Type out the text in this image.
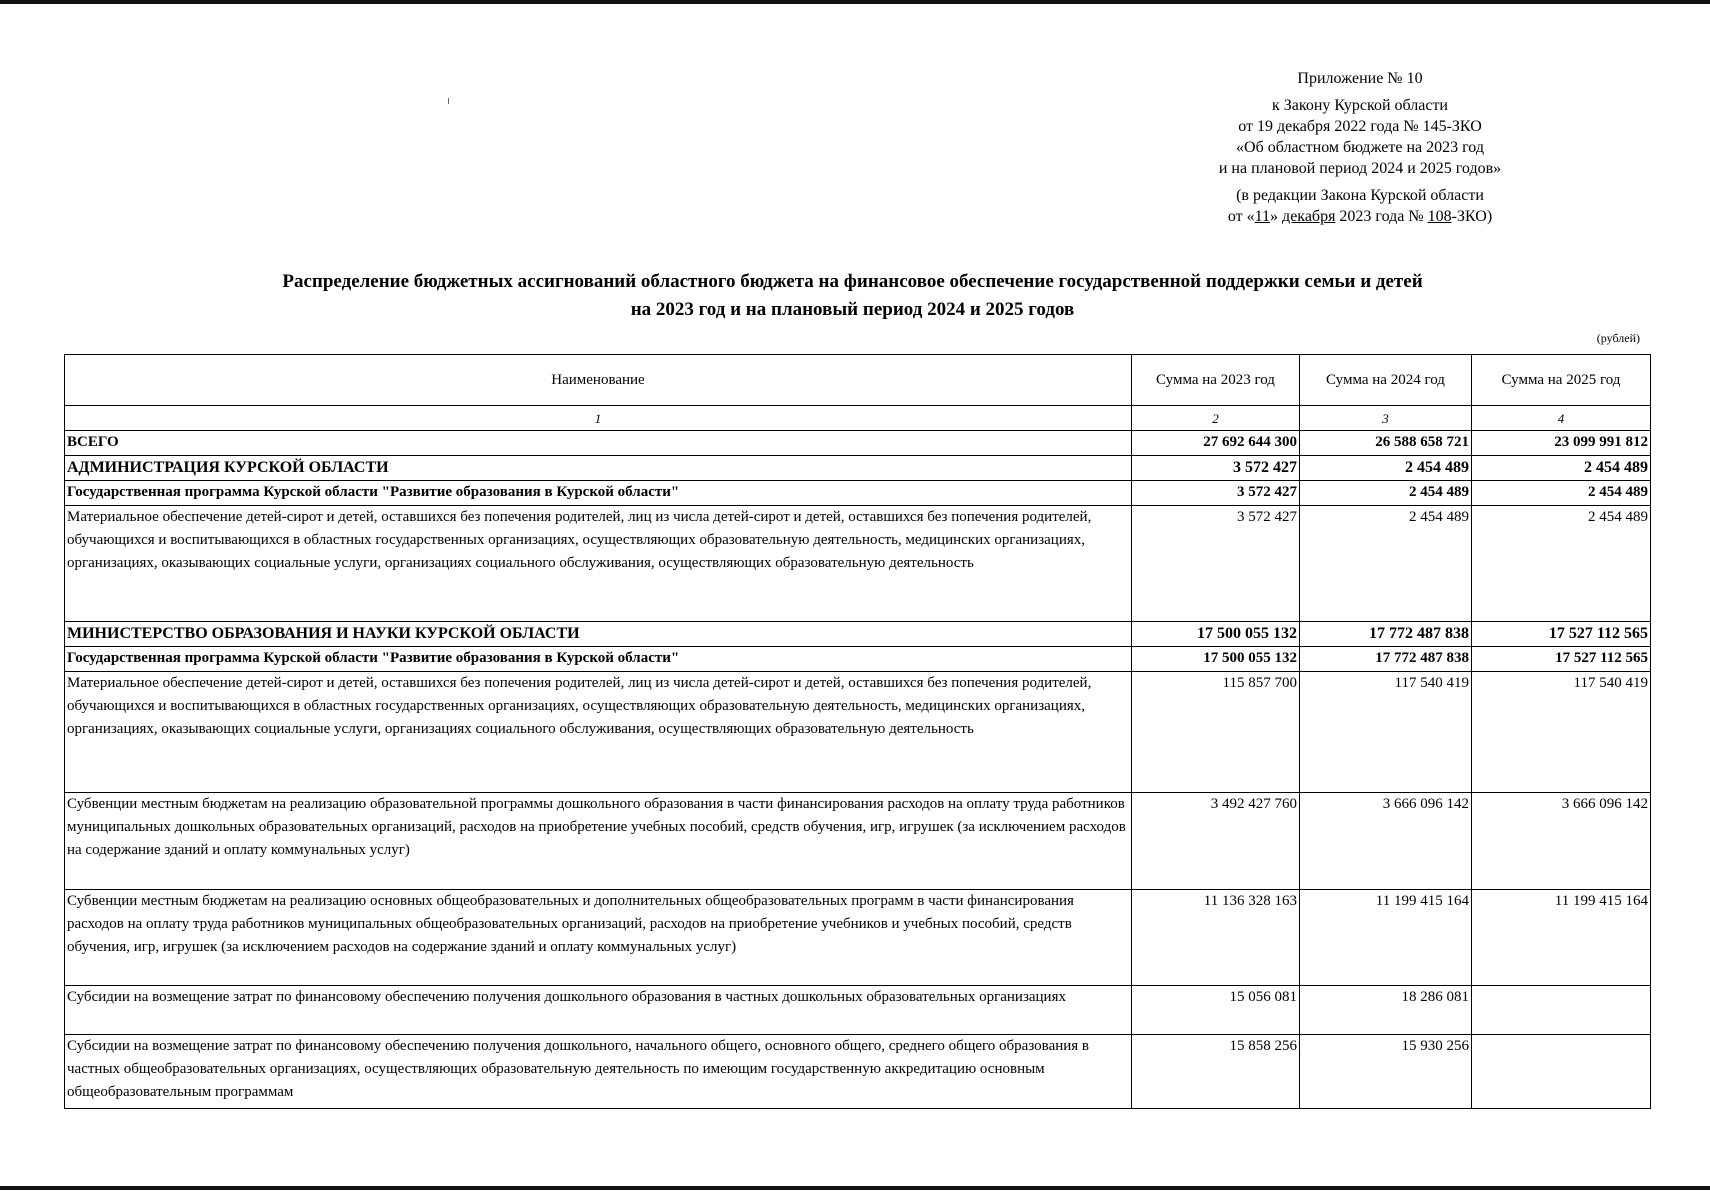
Приложение № 10
к Закону Курской области
от 19 декабря 2022 года № 145-ЗКО
«Об областном бюджете на 2023 год
и на плановой период 2024 и 2025 годов»
(в редакции Закона Курской области
от «11» декабря 2023 года № 108-ЗКО)
Распределение бюджетных ассигнований областного бюджета на финансовое обеспечение государственной поддержки семьи и детей
на 2023 год и на плановый период 2024 и 2025 годов
(рублей)
Наименование	Сумма на 2023 год	Сумма на 2024 год	Сумма на 2025 год
1	2	3	4
ВСЕГО	27 692 644 300	26 588 658 721	23 099 991 812
АДМИНИСТРАЦИЯ КУРСКОЙ ОБЛАСТИ	3 572 427	2 454 489	2 454 489
Государственная программа Курской области "Развитие образования в Курской области"	3 572 427	2 454 489	2 454 489
Материальное обеспечение детей-сирот и детей, оставшихся без попечения родителей, лиц из числа детей-сирот и детей, оставшихся без попечения родителей, обучающихся и воспитывающихся в областных государственных организациях, осуществляющих образовательную деятельность, медицинских организациях, организациях, оказывающих социальные услуги, организациях социального обслуживания, осуществляющих образовательную деятельность	3 572 427	2 454 489	2 454 489
МИНИСТЕРСТВО ОБРАЗОВАНИЯ И НАУКИ КУРСКОЙ ОБЛАСТИ	17 500 055 132	17 772 487 838	17 527 112 565
Государственная программа Курской области "Развитие образования в Курской области"	17 500 055 132	17 772 487 838	17 527 112 565
Материальное обеспечение детей-сирот и детей, оставшихся без попечения родителей, лиц из числа детей-сирот и детей, оставшихся без попечения родителей, обучающихся и воспитывающихся в областных государственных организациях, осуществляющих образовательную деятельность, медицинских организациях, организациях, оказывающих социальные услуги, организациях социального обслуживания, осуществляющих образовательную деятельность	115 857 700	117 540 419	117 540 419
Субвенции местным бюджетам на реализацию образовательной программы дошкольного образования в части финансирования расходов на оплату труда работников муниципальных дошкольных образовательных организаций, расходов на приобретение учебных пособий, средств обучения, игр, игрушек (за исключением расходов на содержание зданий и оплату коммунальных услуг)	3 492 427 760	3 666 096 142	3 666 096 142
Субвенции местным бюджетам на реализацию основных общеобразовательных и дополнительных общеобразовательных программ в части финансирования расходов на оплату труда работников муниципальных общеобразовательных организаций, расходов на приобретение учебников и учебных пособий, средств обучения, игр, игрушек (за исключением расходов на содержание зданий и оплату коммунальных услуг)	11 136 328 163	11 199 415 164	11 199 415 164
Субсидии на возмещение затрат по финансовому обеспечению получения дошкольного образования в частных дошкольных образовательных организациях	15 056 081	18 286 081	
Субсидии на возмещение затрат по финансовому обеспечению получения дошкольного, начального общего, основного общего, среднего общего образования в частных общеобразовательных организациях, осуществляющих образовательную деятельность по имеющим государственную аккредитацию основным общеобразовательным программам	15 858 256	15 930 256	
